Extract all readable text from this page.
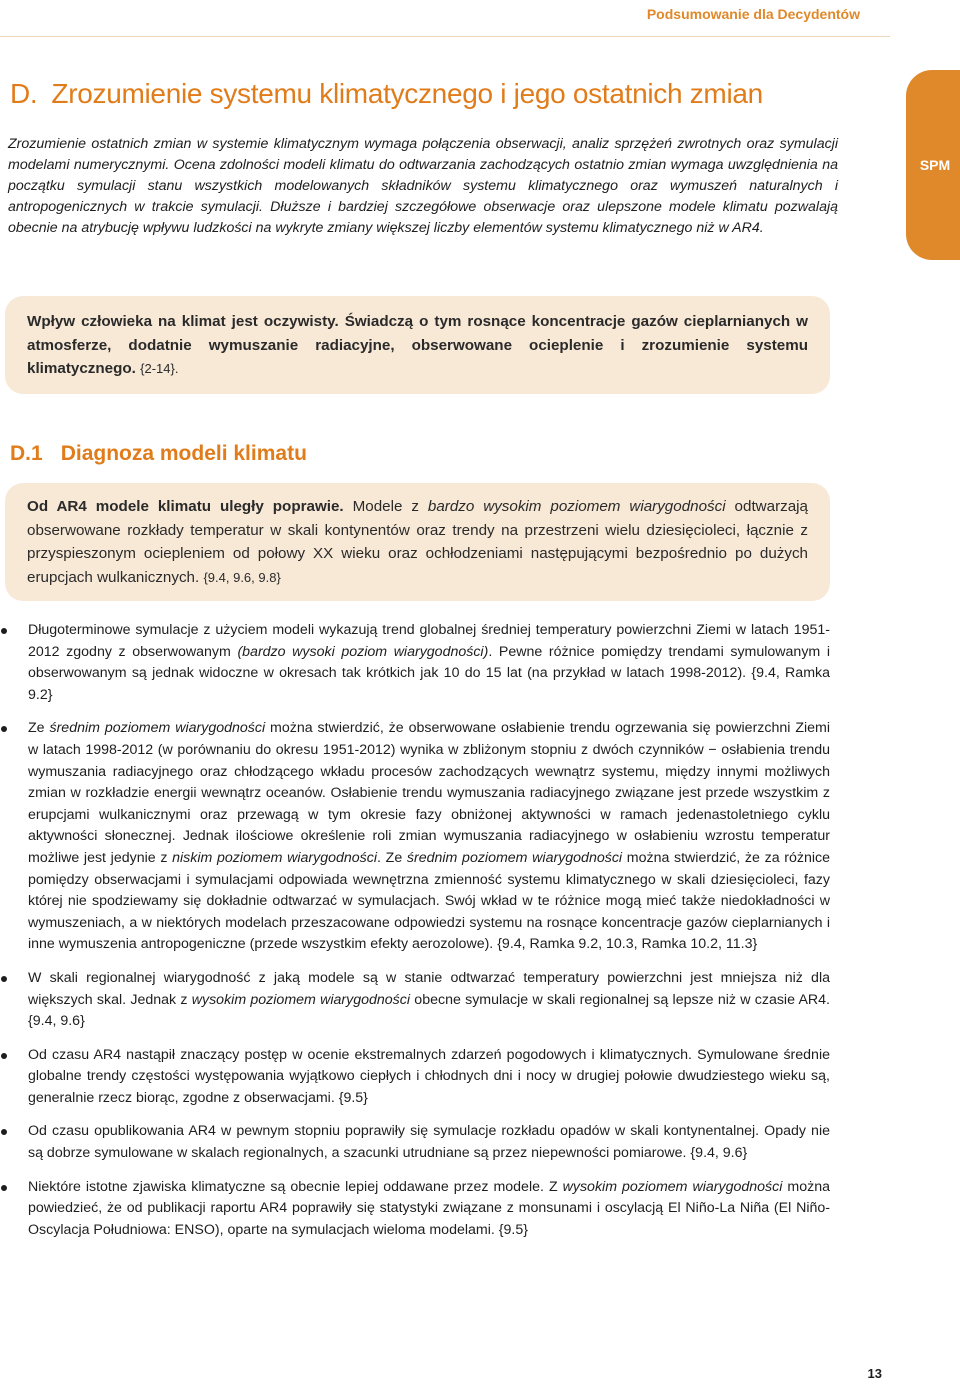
Podsumowanie dla Decydentów
SPM
D. Zrozumienie systemu klimatycznego i jego ostatnich zmian

Zrozumienie ostatnich zmian w systemie klimatycznym wymaga połączenia obserwacji, analiz sprzężeń zwrotnych oraz symulacji modelami numerycznymi. Ocena zdolności modeli klimatu do odtwarzania zachodzących ostatnio zmian wymaga uwzględnienia na początku symulacji stanu wszystkich modelowanych składników systemu klimatycznego oraz wymuszeń naturalnych i antropogenicznych w trakcie symulacji. Dłuższe i bardziej szczegółowe obserwacje oraz ulepszone modele klimatu pozwalają obecnie na atrybucję wpływu ludzkości na wykryte zmiany większej liczby elementów systemu klimatycznego niż w AR4.

Wpływ człowieka na klimat jest oczywisty. Świadczą o tym rosnące koncentracje gazów cieplarnianych w atmosferze, dodatnie wymuszanie radiacyjne, obserwowane ocieplenie i zrozumienie systemu klimatycznego. {2-14}.

D.1 Diagnoza modeli klimatu

Od AR4 modele klimatu uległy poprawie. Modele z bardzo wysokim poziomem wiarygodności odtwarzają obserwowane rozkłady temperatur w skali kontynentów oraz trendy na przestrzeni wielu dziesięcioleci, łącznie z przyspieszonym ociepleniem od połowy XX wieku oraz ochłodzeniami następującymi bezpośrednio po dużych erupcjach wulkanicznych. {9.4, 9.6, 9.8}

Długoterminowe symulacje z użyciem modeli wykazują trend globalnej średniej temperatury powierzchni Ziemi w latach 1951-2012 zgodny z obserwowanym (bardzo wysoki poziom wiarygodności). Pewne różnice pomiędzy trendami symulowanym i obserwowanym są jednak widoczne w okresach tak krótkich jak 10 do 15 lat (na przykład w latach 1998-2012). {9.4, Ramka 9.2}

Ze średnim poziomem wiarygodności można stwierdzić, że obserwowane osłabienie trendu ogrzewania się powierzchni Ziemi w latach 1998-2012 (w porównaniu do okresu 1951-2012) wynika w zbliżonym stopniu z dwóch czynników − osłabienia trendu wymuszania radiacyjnego oraz chłodzącego wkładu procesów zachodzących wewnątrz systemu, między innymi możliwych zmian w rozkładzie energii wewnątrz oceanów. Osłabienie trendu wymuszania radiacyjnego związane jest przede wszystkim z erupcjami wulkanicznymi oraz przewagą w tym okresie fazy obniżonej aktywności w ramach jedenastoletniego cyklu aktywności słonecznej. Jednak ilościowe określenie roli zmian wymuszania radiacyjnego w osłabieniu wzrostu temperatur możliwe jest jedynie z niskim poziomem wiarygodności. Ze średnim poziomem wiarygodności można stwierdzić, że za różnice pomiędzy obserwacjami i symulacjami odpowiada wewnętrzna zmienność systemu klimatycznego w skali dziesięcioleci, fazy której nie spodziewamy się dokładnie odtwarzać w symulacjach. Swój wkład w te różnice mogą mieć także niedokładności w wymuszeniach, a w niektórych modelach przeszacowane odpowiedzi systemu na rosnące koncentracje gazów cieplarnianych i inne wymuszenia antropogeniczne (przede wszystkim efekty aerozolowe). {9.4, Ramka 9.2, 10.3, Ramka 10.2, 11.3}

W skali regionalnej wiarygodność z jaką modele są w stanie odtwarzać temperatury powierzchni jest mniejsza niż dla większych skal. Jednak z wysokim poziomem wiarygodności obecne symulacje w skali regionalnej są lepsze niż w czasie AR4. {9.4, 9.6}

Od czasu AR4 nastąpił znaczący postęp w ocenie ekstremalnych zdarzeń pogodowych i klimatycznych. Symulowane średnie globalne trendy częstości występowania wyjątkowo ciepłych i chłodnych dni i nocy w drugiej połowie dwudziestego wieku są, generalnie rzecz biorąc, zgodne z obserwacjami. {9.5}

Od czasu opublikowania AR4 w pewnym stopniu poprawiły się symulacje rozkładu opadów w skali kontynentalnej. Opady nie są dobrze symulowane w skalach regionalnych, a szacunki utrudniane są przez niepewności pomiarowe. {9.4, 9.6}

Niektóre istotne zjawiska klimatyczne są obecnie lepiej oddawane przez modele. Z wysokim poziomem wiarygodności można powiedzieć, że od publikacji raportu AR4 poprawiły się statystyki związane z monsunami i oscylacją El Niño-La Niña (El Niño-Oscylacja Południowa: ENSO), oparte na symulacjach wieloma modelami. {9.5}

13
